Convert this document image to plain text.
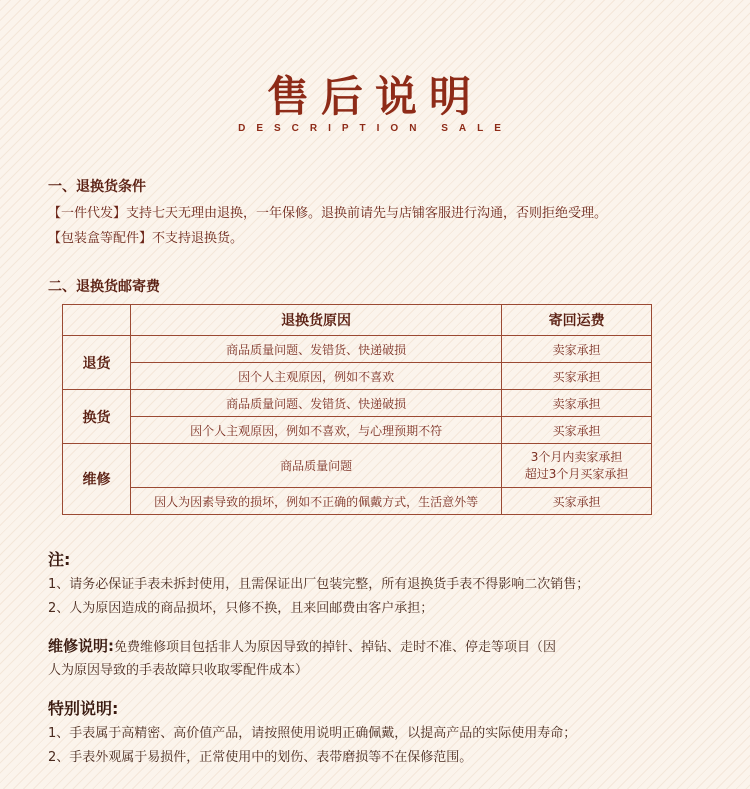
售后说明
DESCRIPTION SALE
一、退换货条件
【一件代发】支持七天无理由退换，一年保修。退换前请先与店铺客服进行沟通，否则拒绝受理。
【包装盒等配件】不支持退换货。
二、退换货邮寄费
	退换货原因	寄回运费
退货	商品质量问题、发错货、快递破损	卖家承担
	因个人主观原因，例如不喜欢	买家承担
换货	商品质量问题、发错货、快递破损	卖家承担
	因个人主观原因，例如不喜欢，与心理预期不符	买家承担
维修	商品质量问题	3个月内卖家承担
超过3个月买家承担

	因人为因素导致的损坏，例如不正确的佩戴方式，生活意外等	买家承担
注:
1、请务必保证手表未拆封使用，且需保证出厂包装完整，所有退换货手表不得影响二次销售；
2、人为原因造成的商品损坏，只修不换，且来回邮费由客户承担；
维修说明:免费维修项目包括非人为原因导致的掉针、掉钻、走时不准、停走等项目（因
人为原因导致的手表故障只收取零配件成本）
特别说明:
1、手表属于高精密、高价值产品，请按照使用说明正确佩戴，以提高产品的实际使用寿命；
2、手表外观属于易损件，正常使用中的划伤、表带磨损等不在保修范围。
